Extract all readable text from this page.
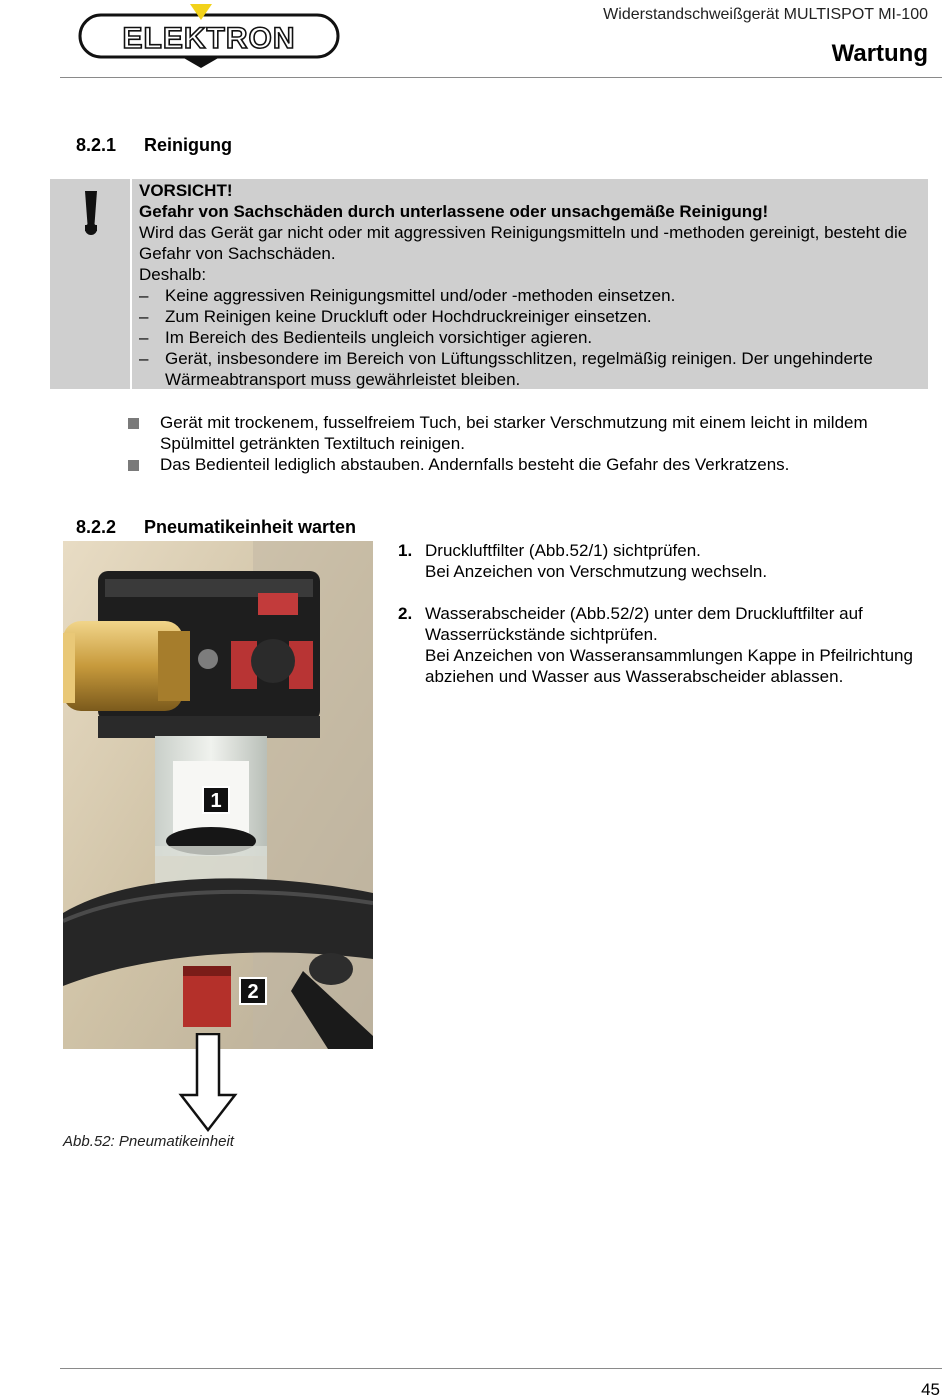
ELEKTRON
Widerstandschweißgerät MULTISPOT MI-100
Wartung
8.2.1 Reinigung
VORSICHT!
Gefahr von Sachschäden durch unterlassene oder unsachgemäße Reinigung!
Wird das Gerät gar nicht oder mit aggressiven Reinigungsmitteln und -methoden gereinigt, besteht die Gefahr von Sachschäden.
Deshalb:
– Keine aggressiven Reinigungsmittel und/oder -methoden einsetzen.
– Zum Reinigen keine Druckluft oder Hochdruckreiniger einsetzen.
– Im Bereich des Bedienteils ungleich vorsichtiger agieren.
– Gerät, insbesondere im Bereich von Lüftungsschlitzen, regelmäßig reinigen. Der ungehinderte Wärmeabtransport muss gewährleistet bleiben.
Gerät mit trockenem, fusselfreiem Tuch, bei starker Verschmutzung mit einem leicht in mildem Spülmittel getränkten Textiltuch reinigen.
Das Bedienteil lediglich abstauben. Andernfalls besteht die Gefahr des Verkratzens.
8.2.2 Pneumatikeinheit warten
1
2
Abb.52: Pneumatikeinheit
1. Druckluftfilter (Abb.52/1) sichtprüfen.
Bei Anzeichen von Verschmutzung wechseln.
2. Wasserabscheider (Abb.52/2) unter dem Druckluftfilter auf Wasserrückstände sichtprüfen.
Bei Anzeichen von Wasseransammlungen Kappe in Pfeilrichtung abziehen und Wasser aus Wasserabscheider ablassen.
45
